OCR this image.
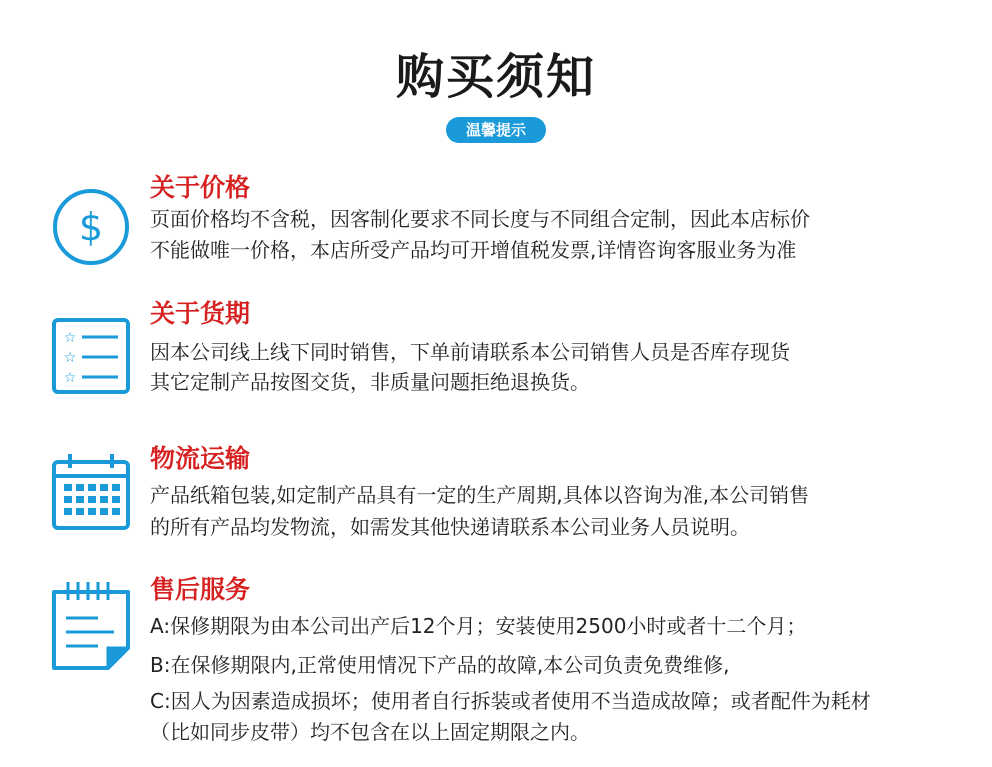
购买须知
温馨提示
$
关于价格
页面价格均不含税，因客制化要求不同长度与不同组合定制，因此本店标价
不能做唯一价格，本店所受产品均可开增值税发票,详情咨询客服业务为准
☆
☆
☆
关于货期
因本公司线上线下同时销售，下单前请联系本公司销售人员是否库存现货
其它定制产品按图交货，非质量问题拒绝退换货。
物流运输
产品纸箱包装,如定制产品具有一定的生产周期,具体以咨询为准,本公司销售
的所有产品均发物流，如需发其他快递请联系本公司业务人员说明。
售后服务
A:保修期限为由本公司出产后12个月；安装使用2500小时或者十二个月；
B:在保修期限内,正常使用情况下产品的故障,本公司负责免费维修,
C:因人为因素造成损坏；使用者自行拆装或者使用不当造成故障；或者配件为耗材
（比如同步皮带）均不包含在以上固定期限之内。
